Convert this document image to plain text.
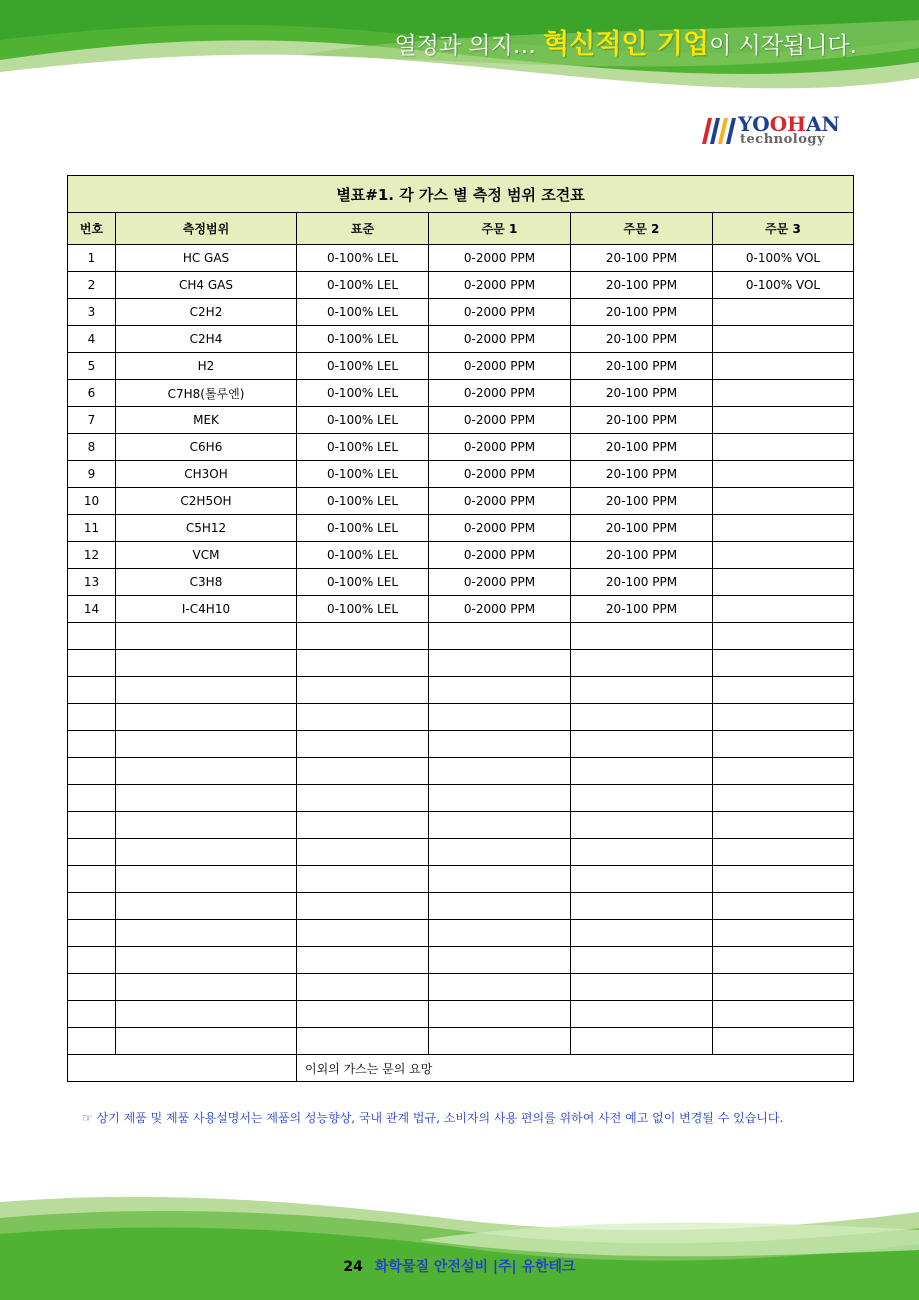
열정과 의지… 혁신적인 기업이 시작됩니다.
YOOHAN
technology
별표#1. 각 가스 별 측정 범위 조견표					
번호	측정범위	표준	주문 1	주문 2	주문 3
1	HC GAS	0-100% LEL	0-2000 PPM	20-100 PPM	0-100% VOL
2	CH4 GAS	0-100% LEL	0-2000 PPM	20-100 PPM	0-100% VOL
3	C2H2	0-100% LEL	0-2000 PPM	20-100 PPM	
4	C2H4	0-100% LEL	0-2000 PPM	20-100 PPM	
5	H2	0-100% LEL	0-2000 PPM	20-100 PPM	
6	C7H8(톨루엔)	0-100% LEL	0-2000 PPM	20-100 PPM	
7	MEK	0-100% LEL	0-2000 PPM	20-100 PPM	
8	C6H6	0-100% LEL	0-2000 PPM	20-100 PPM	
9	CH3OH	0-100% LEL	0-2000 PPM	20-100 PPM	
10	C2H5OH	0-100% LEL	0-2000 PPM	20-100 PPM	
11	C5H12	0-100% LEL	0-2000 PPM	20-100 PPM	
12	VCM	0-100% LEL	0-2000 PPM	20-100 PPM	
13	C3H8	0-100% LEL	0-2000 PPM	20-100 PPM	
14	I-C4H10	0-100% LEL	0-2000 PPM	20-100 PPM	

		이외의 가스는 문의 요망			
☞ 상기 제품 및 제품 사용설명서는 제품의 성능향상, 국내 관계 법규, 소비자의 사용 편의를 위하여 사전 예고 없이 변경될 수 있습니다.
24 화학물질 안전설비 |주| 유한테크
